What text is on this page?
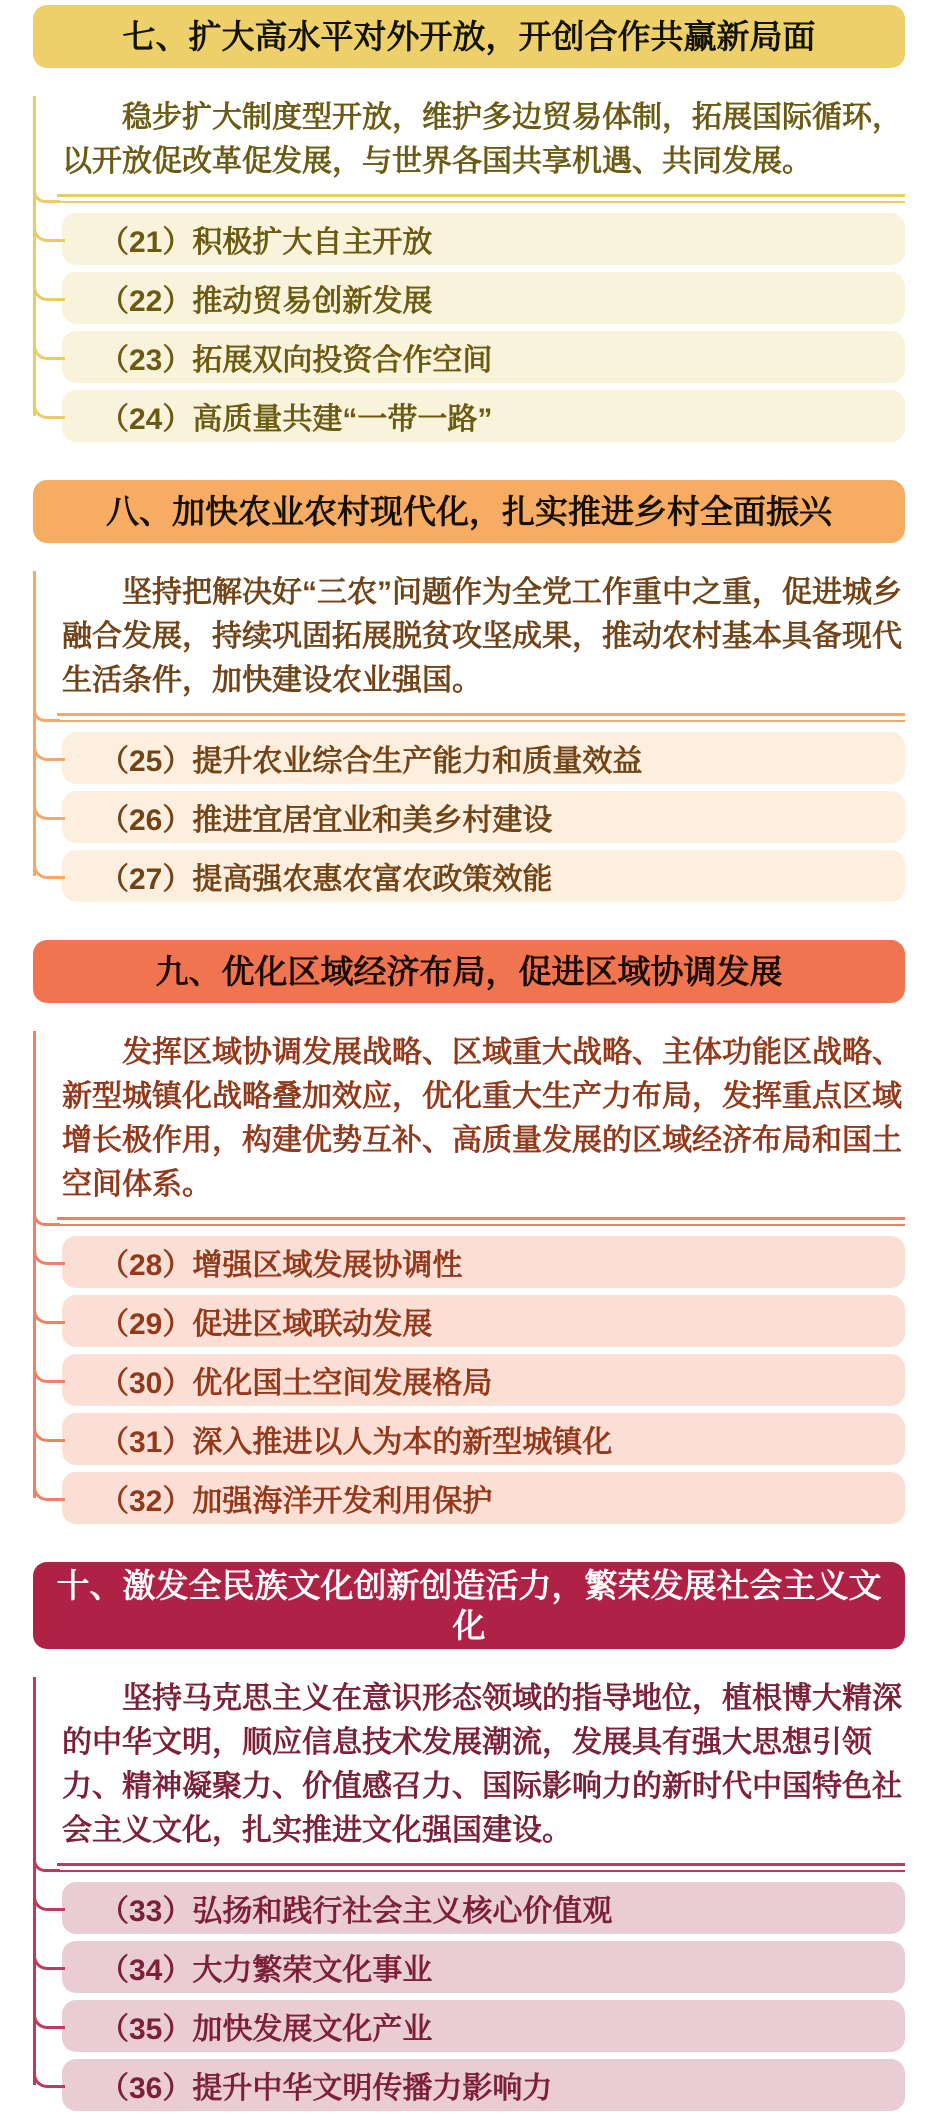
七、扩大高水平对外开放，开创合作共赢新局面

稳步扩大制度型开放，维护多边贸易体制，拓展国际循环，以开放促改革促发展，与世界各国共享机遇、共同发展。

（21）积极扩大自主开放
（22）推动贸易创新发展
（23）拓展双向投资合作空间
（24）高质量共建“一带一路”
八、加快农业农村现代化，扎实推进乡村全面振兴

坚持把解决好“三农”问题作为全党工作重中之重，促进城乡融合发展，持续巩固拓展脱贫攻坚成果，推动农村基本具备现代生活条件，加快建设农业强国。

（25）提升农业综合生产能力和质量效益
（26）推进宜居宜业和美乡村建设
（27）提高强农惠农富农政策效能
九、优化区域经济布局，促进区域协调发展

发挥区域协调发展战略、区域重大战略、主体功能区战略、新型城镇化战略叠加效应，优化重大生产力布局，发挥重点区域增长极作用，构建优势互补、高质量发展的区域经济布局和国土空间体系。

（28）增强区域发展协调性
（29）促进区域联动发展
（30）优化国土空间发展格局
（31）深入推进以人为本的新型城镇化
（32）加强海洋开发利用保护
十、激发全民族文化创新创造活力，繁荣发展社会主义文化

坚持马克思主义在意识形态领域的指导地位，植根博大精深的中华文明，顺应信息技术发展潮流，发展具有强大思想引领力、精神凝聚力、价值感召力、国际影响力的新时代中国特色社会主义文化，扎实推进文化强国建设。

（33）弘扬和践行社会主义核心价值观
（34）大力繁荣文化事业
（35）加快发展文化产业
（36）提升中华文明传播力影响力
